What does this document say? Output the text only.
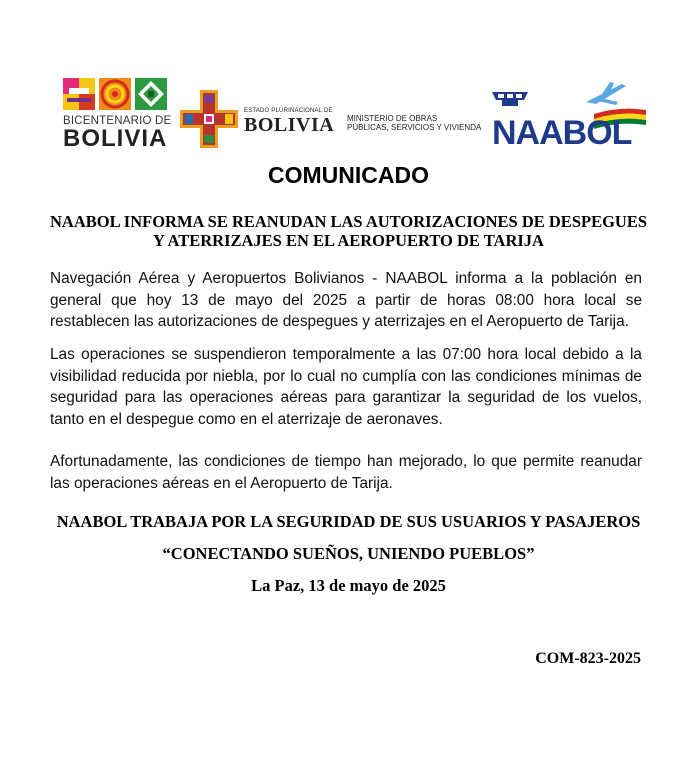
BICENTENARIO DE
BOLIVIA
ESTADO PLURINACIONAL DE
BOLIVIA MINISTERIO DE OBRAS
PÚBLICAS, SERVICIOS Y VIVIENDA NAABOL
COMUNICADO
NAABOL INFORMA SE REANUDAN LAS AUTORIZACIONES DE DESPEGUES
Y ATERRIZAJES EN EL AEROPUERTO DE TARIJA
Navegación Aérea y Aeropuertos Bolivianos - NAABOL informa a la población en general que hoy 13 de mayo del 2025 a partir de horas 08:00 hora local se restablecen las autorizaciones de despegues y aterrizajes en el Aeropuerto de Tarija.
Las operaciones se suspendieron temporalmente a las 07:00 hora local debido a la visibilidad reducida por niebla, por lo cual no cumplía con las condiciones mínimas de seguridad para las operaciones aéreas para garantizar la seguridad de los vuelos, tanto en el despegue como en el aterrizaje de aeronaves.
Afortunadamente, las condiciones de tiempo han mejorado, lo que permite reanudar las operaciones aéreas en el Aeropuerto de Tarija.
NAABOL TRABAJA POR LA SEGURIDAD DE SUS USUARIOS Y PASAJEROS
“CONECTANDO SUEÑOS, UNIENDO PUEBLOS”
La Paz, 13 de mayo de 2025
COM-823-2025
